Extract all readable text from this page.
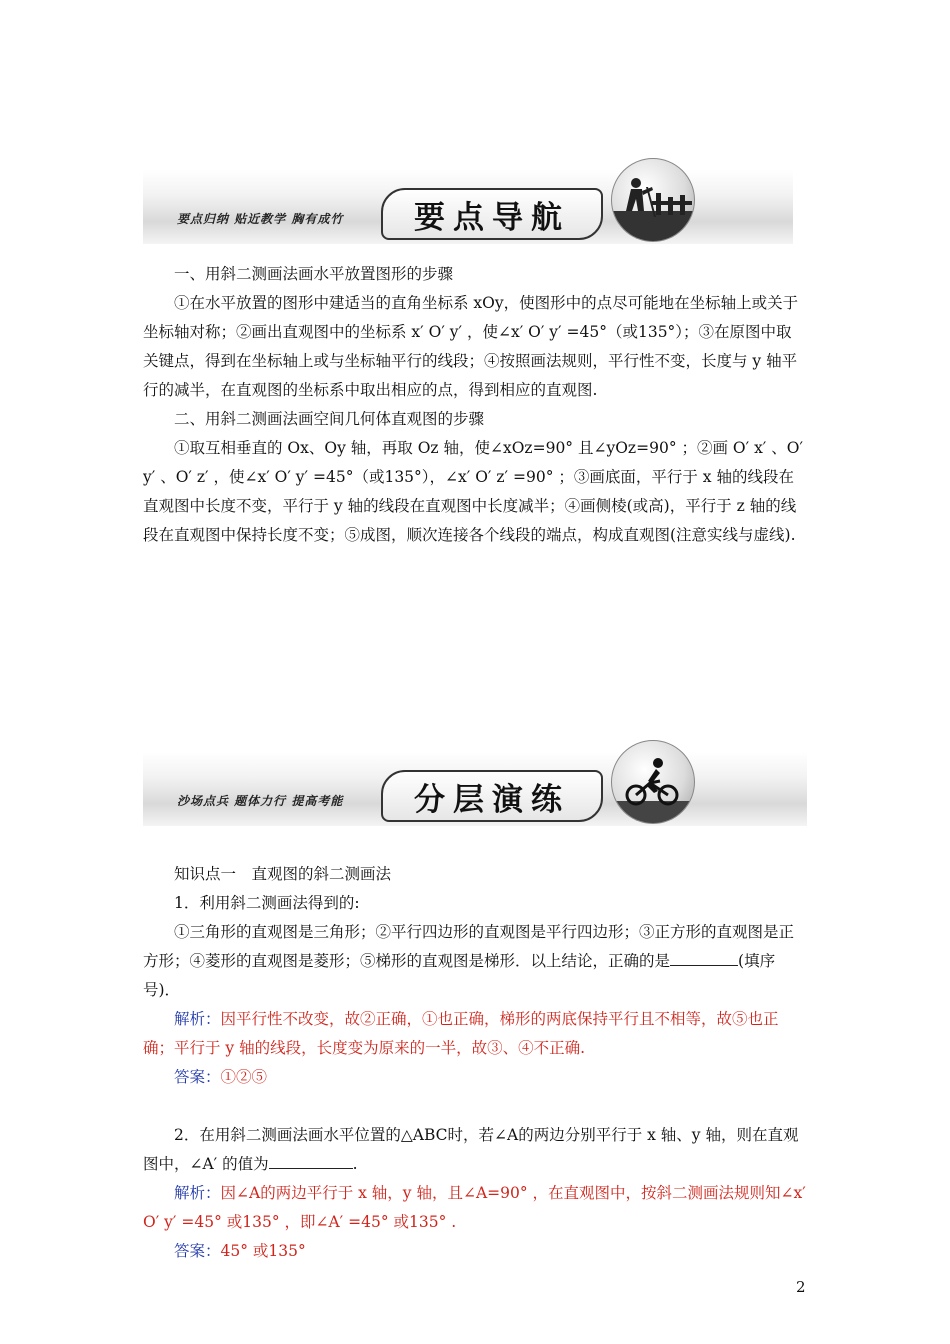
要点归纳 贴近教学 胸有成竹 要点导航
一、用斜二测画法画水平放置图形的步骤
①在水平放置的图形中建适当的直角坐标系 xOy，使图形中的点尽可能地在坐标轴上或关于坐标轴对称；②画出直观图中的坐标系 x′ O′ y′ ，使∠x′ O′ y′ =45°（或135°）；③在原图中取关键点，得到在坐标轴上或与坐标轴平行的线段；④按照画法规则，平行性不变，长度与 y 轴平行的减半，在直观图的坐标系中取出相应的点，得到相应的直观图.
二、用斜二测画法画空间几何体直观图的步骤
①取互相垂直的 Ox、Oy 轴，再取 Oz 轴，使∠xOz=90° 且∠yOz=90° ；②画 O′ x′ 、O′ y′ 、O′ z′ ，使∠x′ O′ y′ =45°（或135°），∠x′ O′ z′ =90° ；③画底面，平行于 x 轴的线段在直观图中长度不变，平行于 y 轴的线段在直观图中长度减半；④画侧棱(或高)，平行于 z 轴的线段在直观图中保持长度不变；⑤成图，顺次连接各个线段的端点，构成直观图(注意实线与虚线).
沙场点兵 题体力行 提高考能 分层演练
知识点一　直观图的斜二测画法
1．利用斜二测画法得到的:
①三角形的直观图是三角形；②平行四边形的直观图是平行四边形；③正方形的直观图是正方形；④菱形的直观图是菱形；⑤梯形的直观图是梯形．以上结论，正确的是	(填序号)．
解析：因平行性不改变，故②正确，①也正确，梯形的两底保持平行且不相等，故⑤也正确；平行于 y 轴的线段，长度变为原来的一半，故③、④不正确.
答案：①②⑤
2．在用斜二测画法画水平位置的△ABC时，若∠A的两边分别平行于 x 轴、y 轴，则在直观图中，∠A′ 的值为	.
解析：因∠A的两边平行于 x 轴，y 轴，且∠A=90° ，在直观图中，按斜二测画法规则知∠x′ O′ y′ =45° 或135° ，即∠A′ =45° 或135° .
答案：45° 或135°
2
